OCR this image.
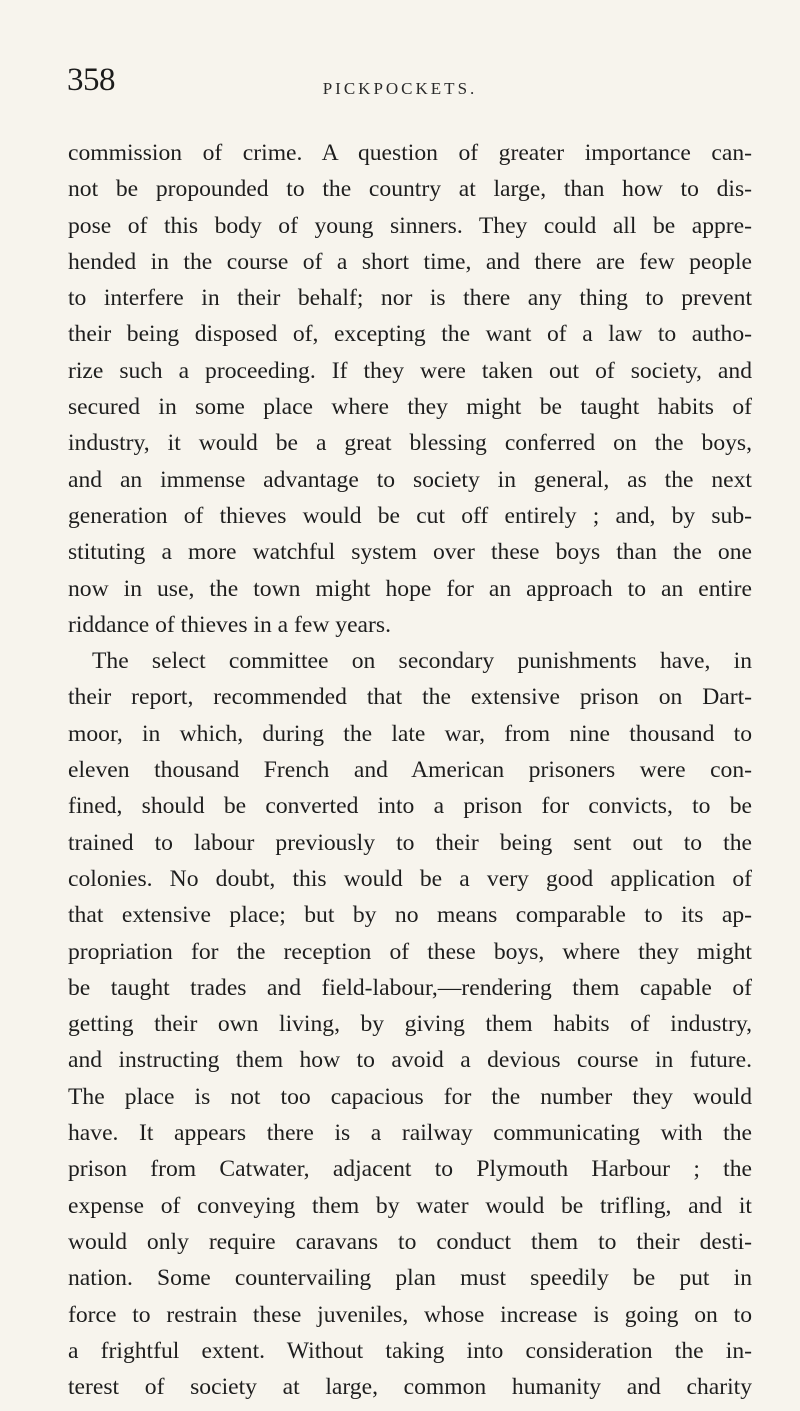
358	PICKPOCKETS.
commission of crime. A question of greater importance can-
not be propounded to the country at large, than how to dis-
pose of this body of young sinners. They could all be appre-
hended in the course of a short time, and there are few people
to interfere in their behalf; nor is there any thing to prevent
their being disposed of, excepting the want of a law to autho-
rize such a proceeding. If they were taken out of society, and
secured in some place where they might be taught habits of
industry, it would be a great blessing conferred on the boys,
and an immense advantage to society in general, as the next
generation of thieves would be cut off entirely ; and, by sub-
stituting a more watchful system over these boys than the one
now in use, the town might hope for an approach to an entire
riddance of thieves in a few years.
The select committee on secondary punishments have, in
their report, recommended that the extensive prison on Dart-
moor, in which, during the late war, from nine thousand to
eleven thousand French and American prisoners were con-
fined, should be converted into a prison for convicts, to be
trained to labour previously to their being sent out to the
colonies. No doubt, this would be a very good application of
that extensive place; but by no means comparable to its ap-
propriation for the reception of these boys, where they might
be taught trades and field-labour,—rendering them capable of
getting their own living, by giving them habits of industry,
and instructing them how to avoid a devious course in future.
The place is not too capacious for the number they would
have. It appears there is a railway communicating with the
prison from Catwater, adjacent to Plymouth Harbour ; the
expense of conveying them by water would be trifling, and it
would only require caravans to conduct them to their desti-
nation. Some countervailing plan must speedily be put in
force to restrain these juveniles, whose increase is going on to
a frightful extent. Without taking into consideration the in-
terest of society at large, common humanity and charity
